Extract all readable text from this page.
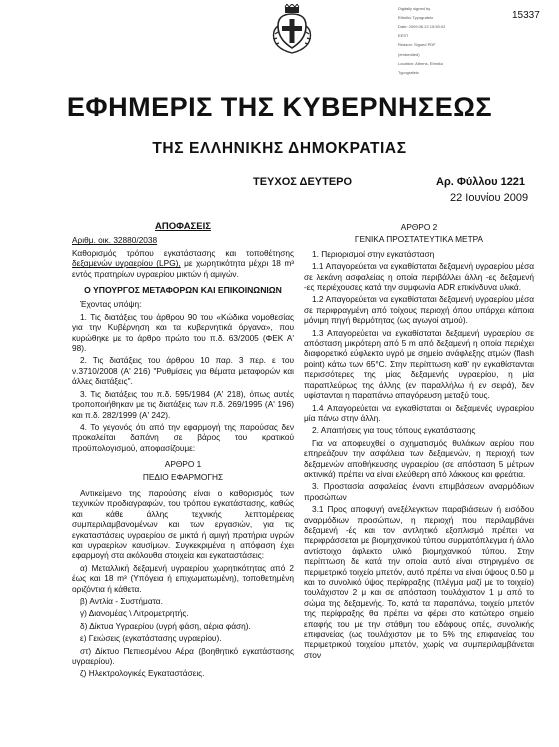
Digitally signed by

Ethniko Typografeio

Date: 2009.06.22 15:50:02

EEST

Reason: Signed PDF

(embedded)

Location: Athens, Ethniko

Typografeio

15337
ΕΦΗΜΕΡΙΣ ΤΗΣ ΚΥΒΕΡΝΗΣΕΩΣ
ΤΗΣ ΕΛΛΗΝΙΚΗΣ ΔΗΜΟΚΡΑΤΙΑΣ
ΤΕΥΧΟΣ ΔΕΥΤΕΡΟ	Αρ. Φύλλου 1221
22 Ιουνίου 2009
ΑΠΟΦΑΣΕΙΣ

Αριθμ. οικ. 32880/2038

Καθορισμός τρόπου εγκατάστασης και τοποθέτησης δεξαμενών υγραερίου (LPG), με χωρητικότητα μέχρι 18 m³ εντός πρατηρίων υγραερίου μικτών ή αμιγών.

Ο ΥΠΟΥΡΓΟΣ ΜΕΤΑΦΟΡΩΝ ΚΑΙ ΕΠΙΚΟΙΝΩΝΙΩΝ

Έχοντας υπόψη:

1. Τις διατάξεις του άρθρου 90 του «Κώδικα νομοθεσίας για την Κυβέρνηση και τα κυβερνητικά όργανα», που κυρώθηκε με το άρθρο πρώτο του π.δ. 63/2005 (ΦΕΚ Α' 98).

2. Τις διατάξεις του άρθρου 10 παρ. 3 περ. ε του ν.3710/2008 (Α' 216) "Ρυθμίσεις για θέματα μεταφορών και άλλες διατάξεις".

3. Τις διατάξεις του π.δ. 595/1984 (Α' 218), όπως αυτές τροποποιήθηκαν με τις διατάξεις των π.δ. 269/1995 (Α' 196) και π.δ. 282/1999 (Α' 242).

4. Το γεγονός ότι από την εφαρμογή της παρούσας δεν προκαλείται δαπάνη σε βάρος του κρατικού προϋπολογισμού, αποφασίζουμε:

ΑΡΘΡΟ 1

ΠΕΔΙΟ ΕΦΑΡΜΟΓΗΣ

Αντικείμενο της παρούσης είναι ο καθορισμός των τεχνικών προδιαγραφών, του τρόπου εγκατάστασης, καθώς και κάθε άλλης τεχνικής λεπτομέρειας συμπεριλαμβανομένων και των εργασιών, για τις εγκαταστάσεις υγραερίου σε μικτά ή αμιγή πρατήρια υγρών και υγραερίων καυσίμων. Συγκεκριμένα η απόφαση έχει εφαρμογή στα ακόλουθα στοιχεία και εγκαταστάσεις:

α) Μεταλλική δεξαμενή υγραερίου χωρητικότητας από 2 έως και 18 m³ (Υπόγεια ή επιχωματωμένη), τοποθετημένη οριζόντια ή κάθετα.

β) Αντλία - Συστήματα.

γ) Διανομέας \ Λιτρομετρητής.

δ) Δίκτυα Υγραερίου (υγρή φάση, αέρια φάση).

ε) Γειώσεις (εγκατάστασης υγραερίου).

στ) Δίκτυο Πεπιεσμένου Αέρα (βοηθητικό εγκατάστασης υγραερίου).

ζ) Ηλεκτρολογικές Εγκαταστάσεις.

ΑΡΘΡΟ 2

ΓΕΝΙΚΑ ΠΡΟΣΤΑΤΕΥΤΙΚΑ ΜΕΤΡΑ

1. Περιορισμοί στην εγκατάσταση

1.1 Απαγορεύεται να εγκαθίσταται δεξαμενή υγραερίου μέσα σε λεκάνη ασφαλείας η οποία περιβάλλει άλλη -ες δεξαμενή -ες περιέχουσες κατά την συμφωνία ADR επικίνδυνα υλικά.

1.2 Απαγορεύεται να εγκαθίσταται δεξαμενή υγραερίου μέσα σε περιφραγμένη από τοίχους περιοχή όπου υπάρχει κάποια μόνιμη πηγή θερμότητας (ως αγωγοί ατμού).

1.3 Απαγορεύεται να εγκαθίσταται δεξαμενή υγραερίου σε απόσταση μικρότερη από 5 m από δεξαμενή η οποία περιέχει διαφορετικό εύφλεκτο υγρό με σημείο ανάφλεξης ατμών (flash point) κάτω των 65°C. Στην περίπτωση καθ' ην εγκαθίστανται περισσότερες της μίας δεξαμενής υγραερίου, η μία παραπλεύρως της άλλης (εν παραλλήλω ή εν σειρά), δεν υφίστανται η παραπάνω απαγόρευση μεταξύ τους.

1.4 Απαγορεύεται να εγκαθίσταται οι δεξαμενές υγραερίου μία πάνω στην άλλη.

2. Απαιτήσεις για τους τόπους εγκατάστασης

Για να αποφευχθεί ο σχηματισμός θυλάκων αερίου που επηρεάζουν την ασφάλεια των δεξαμενών, η περιοχή των δεξαμενών αποθήκευσης υγραερίου (σε απόσταση 5 μέτρων ακτινικά) πρέπει να είναι ελεύθερη από λάκκους και φρεάτια.

3. Προστασία ασφαλείας έναντι επιμβάσεων αναρμόδιων προσώπων

3.1 Προς αποφυγή ανεξέλεγκτων παραβιάσεων ή εισόδου αναρμόδιων προσώπων, η περιοχή που περιλαμβάνει δεξαμενή -ές και τον αντλητικό εξοπλισμό πρέπει να περιφράσσεται με βιομηχανικού τύπου συρματόπλεγμα ή άλλο αντίστοιχο άφλεκτο υλικό βιομηχανικού τύπου. Στην περίπτωση δε κατά την οποία αυτό είναι στηριγμένο σε περιμετρικό τοιχείο μπετόν, αυτό πρέπει να είναι ύψους 0.50 μ και το συνολικό ύψος περίφραξης (πλέγμα μαζί με το τοιχείο) τουλάχιστον 2 μ και σε απόσταση τουλάχιστον 1 μ από το σώμα της δεξαμενής. Το, κατά τα παραπάνω, τοιχείο μπετόν της περίφραξης θα πρέπει να φέρει στο κατώτερο σημείο επαφής του με την στάθμη του εδάφους οπές, συνολικής επιφανείας (ως τουλάχιστον με το 5% της επιφανείας του περιμετρικού τοιχείου μπετόν, χωρίς να συμπεριλαμβάνεται στον
